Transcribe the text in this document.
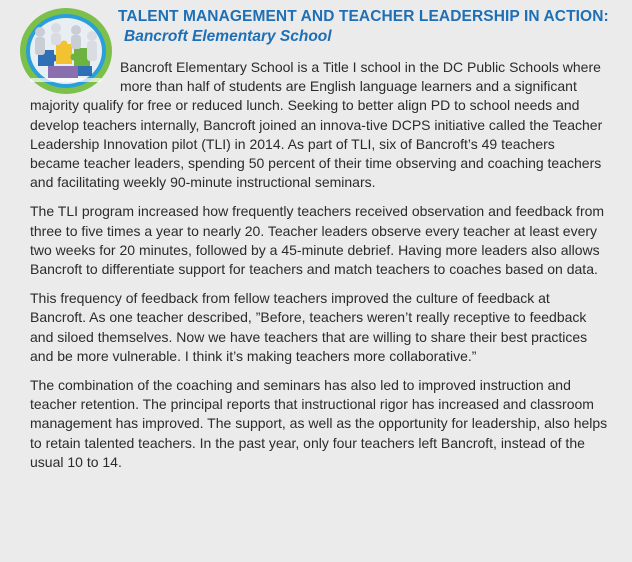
TALENT MANAGEMENT AND TEACHER LEADERSHIP IN ACTION:
Bancroft Elementary School

Bancroft Elementary School is a Title I school in the DC Public Schools where more than half of students are English language learners and a significant majority qualify for free or reduced lunch. Seeking to better align PD to school needs and develop teachers internally, Bancroft joined an innova-tive DCPS initiative called the Teacher Leadership Innovation pilot (TLI) in 2014. As part of TLI, six of Bancroft’s 49 teachers became teacher leaders, spending 50 percent of their time observing and coaching teachers and facilitating weekly 90-minute instructional seminars.

The TLI program increased how frequently teachers received observation and feedback from three to five times a year to nearly 20. Teacher leaders observe every teacher at least every two weeks for 20 minutes, followed by a 45-minute debrief. Having more leaders also allows Bancroft to differentiate support for teachers and match teachers to coaches based on data.

This frequency of feedback from fellow teachers improved the culture of feedback at Bancroft. As one teacher described, ”Before, teachers weren’t really receptive to feedback and siloed themselves. Now we have teachers that are willing to share their best practices and be more vulnerable. I think it’s making teachers more collaborative.”

The combination of the coaching and seminars has also led to improved instruction and teacher retention. The principal reports that instructional rigor has increased and classroom management has improved. The support, as well as the opportunity for leadership, also helps to retain talented teachers. In the past year, only four teachers left Bancroft, instead of the usual 10 to 14.
